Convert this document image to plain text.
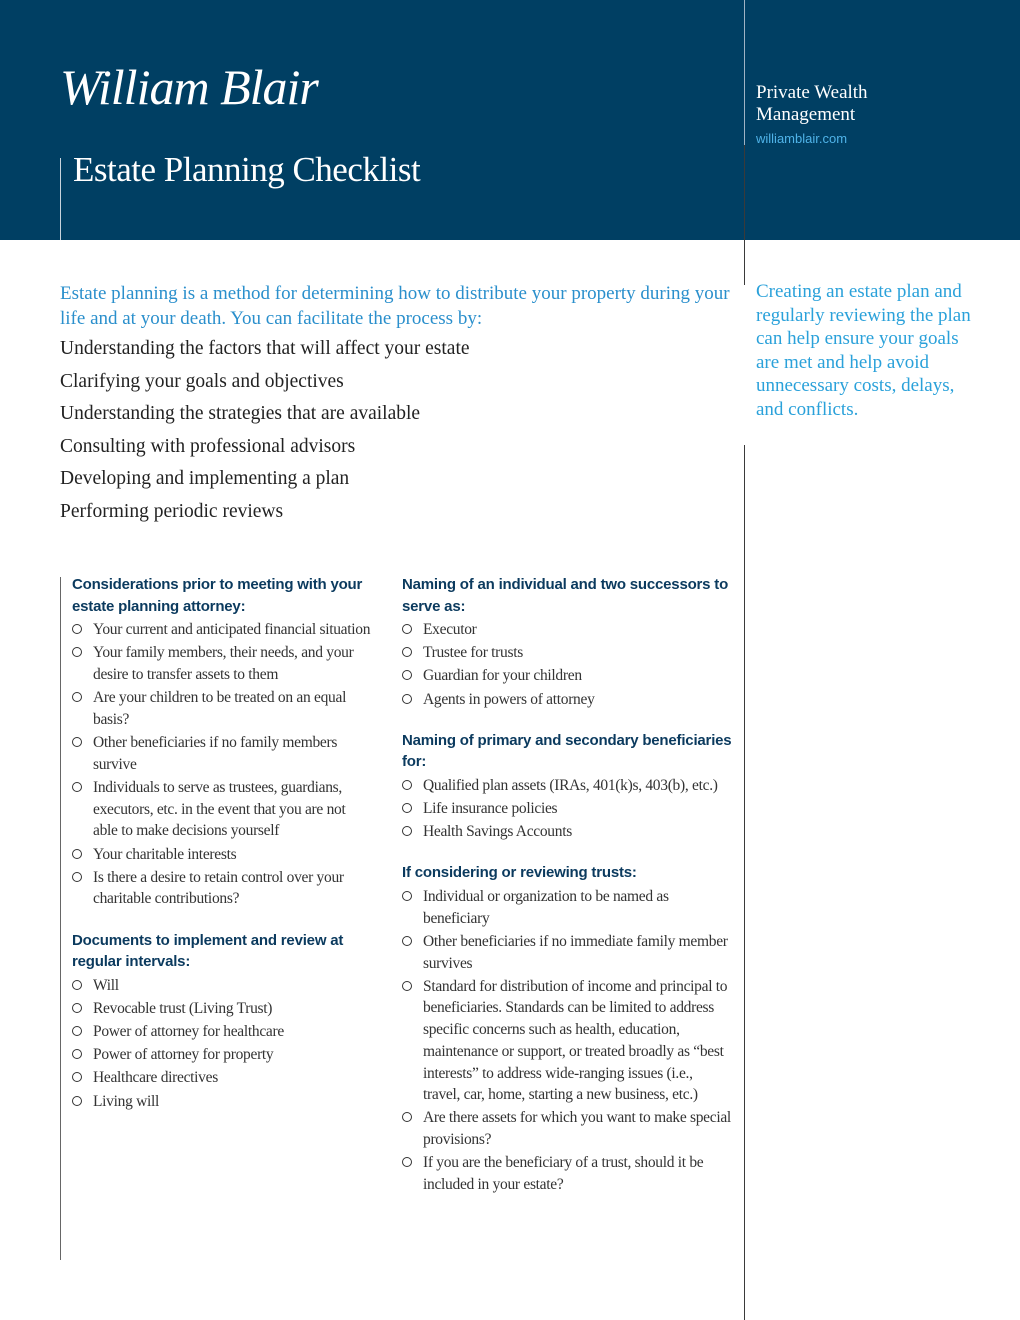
William Blair
Estate Planning Checklist
Private Wealth
Management
williamblair.com
Estate planning is a method for determining how to distribute your property during your life and at your death. You can facilitate the process by:
Understanding the factors that will affect your estate
Clarifying your goals and objectives
Understanding the strategies that are available
Consulting with professional advisors
Developing and implementing a plan
Performing periodic reviews
Creating an estate plan and regularly reviewing the plan can help ensure your goals are met and help avoid unnecessary costs, delays, and conflicts.
Considerations prior to meeting with your estate planning attorney:
Your current and anticipated financial situation
Your family members, their needs, and your desire to transfer assets to them
Are your children to be treated on an equal basis?
Other beneficiaries if no family members survive
Individuals to serve as trustees, guardians, executors, etc. in the event that you are not able to make decisions yourself
Your charitable interests
Is there a desire to retain control over your charitable contributions?
Documents to implement and review at regular intervals:
Will
Revocable trust (Living Trust)
Power of attorney for healthcare
Power of attorney for property
Healthcare directives
Living will
Naming of an individual and two successors to serve as:
Executor
Trustee for trusts
Guardian for your children
Agents in powers of attorney
Naming of primary and secondary beneficiaries for:
Qualified plan assets (IRAs, 401(k)s, 403(b), etc.)
Life insurance policies
Health Savings Accounts
If considering or reviewing trusts:
Individual or organization to be named as beneficiary
Other beneficiaries if no immediate family member survives
Standard for distribution of income and principal to beneficiaries. Standards can be limited to address specific concerns such as health, education, maintenance or support, or treated broadly as “best interests” to address wide-ranging issues (i.e., travel, car, home, starting a new business, etc.)
Are there assets for which you want to make special provisions?
If you are the beneficiary of a trust, should it be included in your estate?
